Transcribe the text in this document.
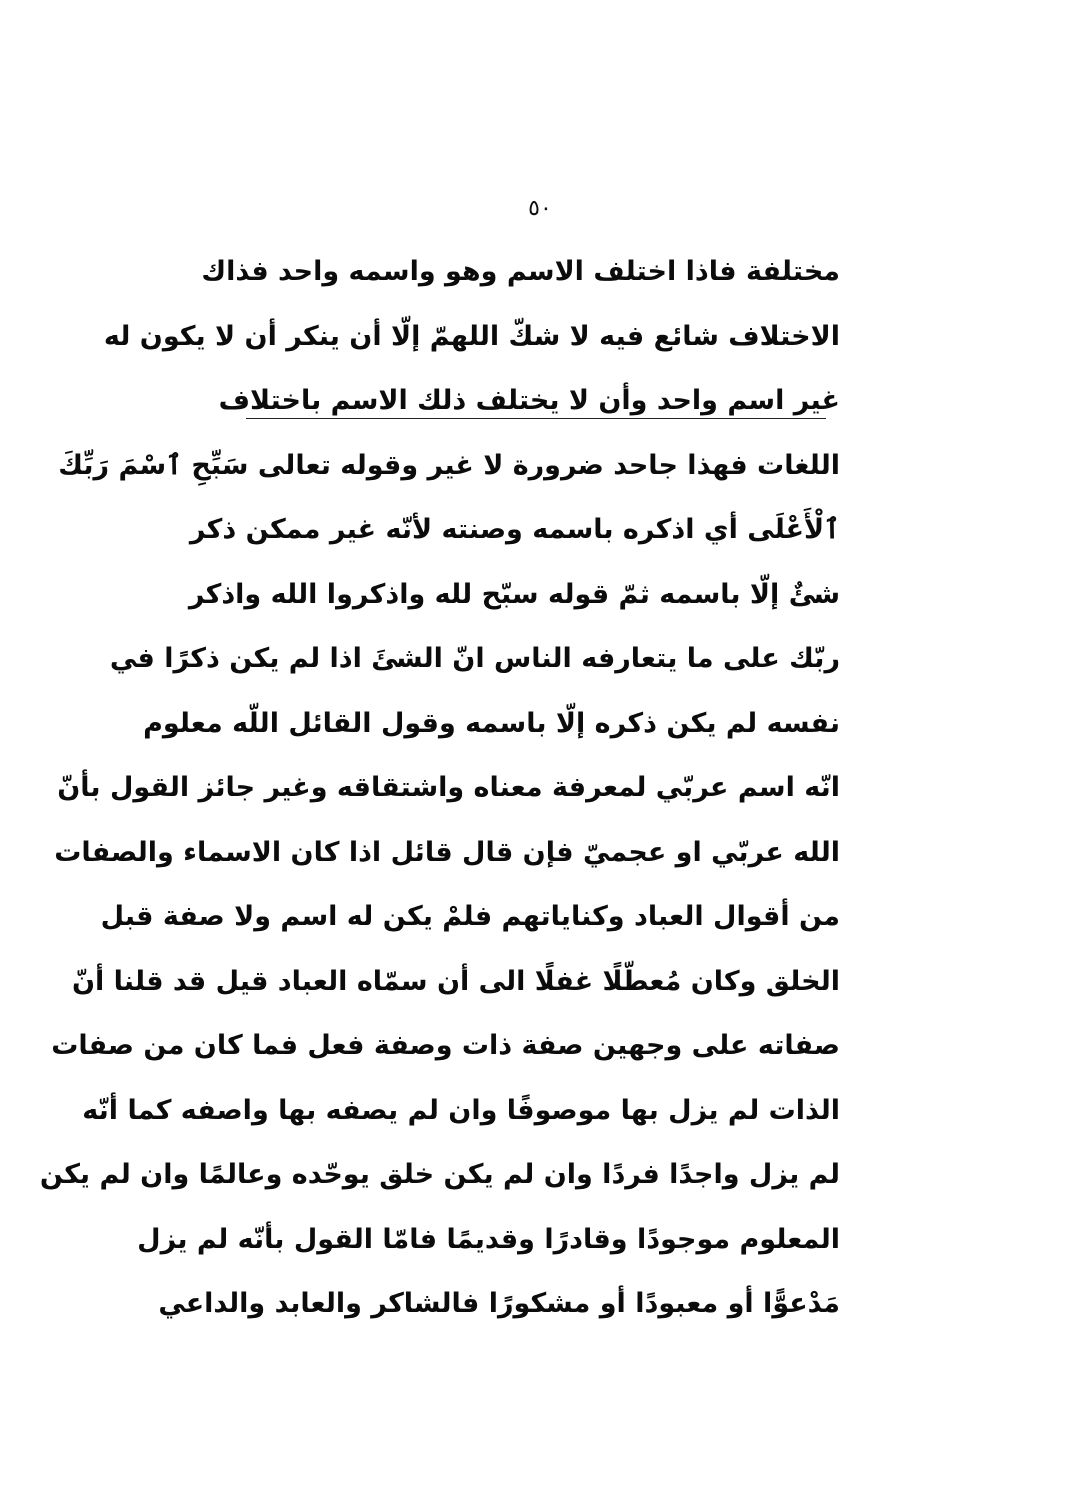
٥٠
مختلفة فاذا اختلف الاسم وهو واسمه واحد فذاك
الاختلاف شائع فيه لا شكّ اللهمّ إلّا أن ينكر أن لا يكون له
غير اسم واحد وأن لا يختلف ذلك الاسم باختلاف
اللغات فهذا جاحد ضرورة لا غير وقوله تعالى سَبِّحِ ٱسْمَ رَبِّكَ
ٱلْأَعْلَى أي اذكره باسمه وصنته لأنّه غير ممكن ذكر
شئٌ إلّا باسمه ثمّ قوله سبّح لله واذكروا الله واذكر
ربّك على ما يتعارفه الناس انّ الشئَ اذا لم يكن ذكرًا في
نفسه لم يكن ذكره إلّا باسمه وقول القائل اللّه معلوم
انّه اسم عربّي لمعرفة معناه واشتقاقه وغير جائز القول بأنّ
الله عربّي او عجميّ فإن قال قائل اذا كان الاسماء والصفات
من أقوال العباد وكناياتهم فلمْ يكن له اسم ولا صفة قبل
الخلق وكان مُعطّلًا غفلًا الى أن سمّاه العباد قيل قد قلنا أنّ
صفاته على وجهين صفة ذات وصفة فعل فما كان من صفات
الذات لم يزل بها موصوفًا وان لم يصفه بها واصفه كما أنّه
لم يزل واجدًا فردًا وان لم يكن خلق يوحّده وعالمًا وان لم يكن
المعلوم موجودًا وقادرًا وقديمًا فامّا القول بأنّه لم يزل
مَدْعوًّا أو معبودًا أو مشكورًا فالشاكر والعابد والداعي
